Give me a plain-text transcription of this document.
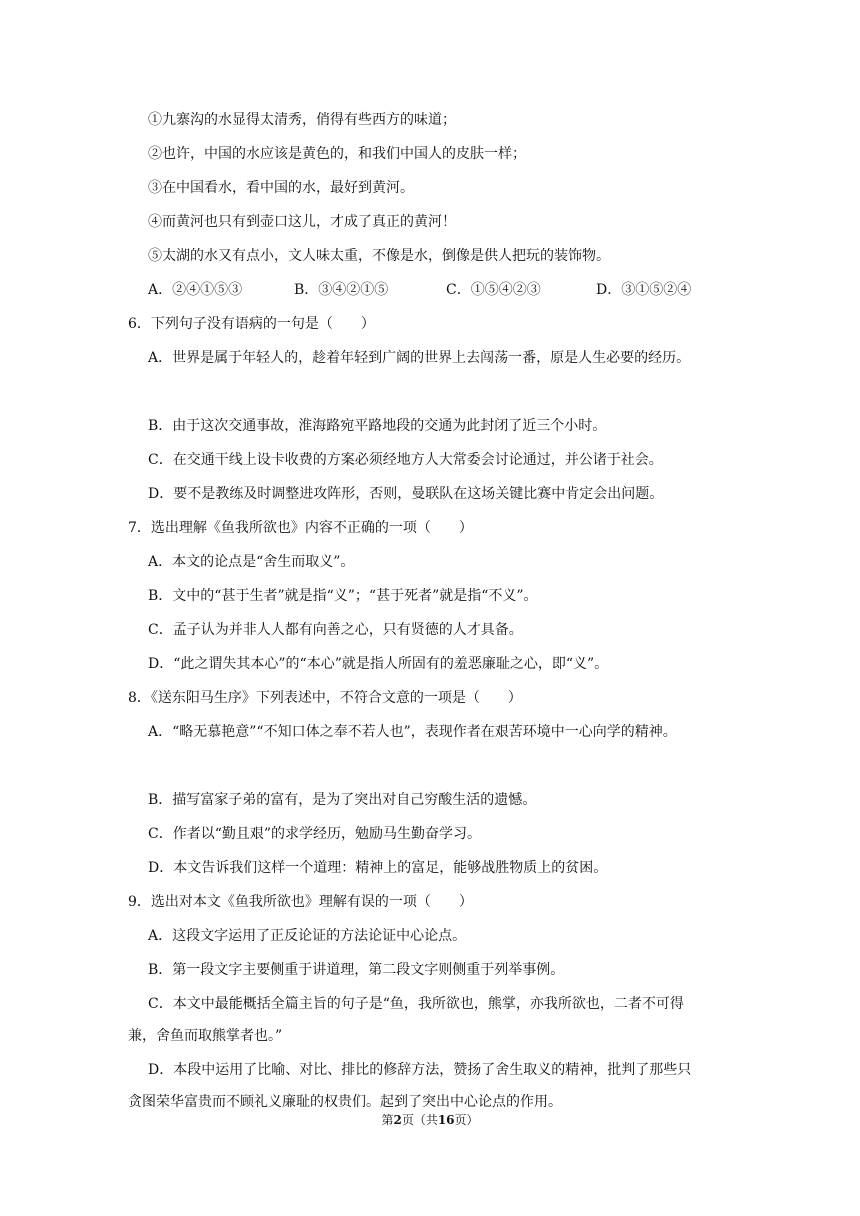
①九寨沟的水显得太清秀，俏得有些西方的味道；
②也许，中国的水应该是黄色的，和我们中国人的皮肤一样；
③在中国看水，看中国的水，最好到黄河。
④而黄河也只有到壶口这儿，才成了真正的黄河！
⑤太湖的水又有点小，文人味太重，不像是水，倒像是供人把玩的装饰物。
A．②④①⑤③	B．③④②①⑤	C．①⑤④②③	D．③①⑤②④
6．下列句子没有语病的一句是（　　）
A．世界是属于年轻人的，趁着年轻到广阔的世界上去闯荡一番，原是人生必要的经历。
B．由于这次交通事故，淮海路宛平路地段的交通为此封闭了近三个小时。
C．在交通干线上设卡收费的方案必须经地方人大常委会讨论通过，并公诸于社会。
D．要不是教练及时调整进攻阵形，否则，曼联队在这场关键比赛中肯定会出问题。
7．选出理解《鱼我所欲也》内容不正确的一项（　　）
A．本文的论点是“舍生而取义”。
B．文中的“甚于生者”就是指“义”；“甚于死者”就是指“不义”。
C．孟子认为并非人人都有向善之心，只有贤德的人才具备。
D．“此之谓失其本心”的“本心”就是指人所固有的羞恶廉耻之心，即“义”。
8．《送东阳马生序》下列表述中，不符合文意的一项是（　　）
A．“略无慕艳意”“不知口体之奉不若人也”，表现作者在艰苦环境中一心向学的精神。
B．描写富家子弟的富有，是为了突出对自己穷酸生活的遗憾。
C．作者以“勤且艰”的求学经历，勉励马生勤奋学习。
D．本文告诉我们这样一个道理：精神上的富足，能够战胜物质上的贫困。
9．选出对本文《鱼我所欲也》理解有误的一项（　　）
A．这段文字运用了正反论证的方法论证中心论点。
B．第一段文字主要侧重于讲道理，第二段文字则侧重于列举事例。
C．本文中最能概括全篇主旨的句子是“鱼，我所欲也，熊掌，亦我所欲也，二者不可得
兼，舍鱼而取熊掌者也。”
D．本段中运用了比喻、对比、排比的修辞方法，赞扬了舍生取义的精神，批判了那些只
贪图荣华富贵而不顾礼义廉耻的权贵们。起到了突出中心论点的作用。
第2页（共16页）
